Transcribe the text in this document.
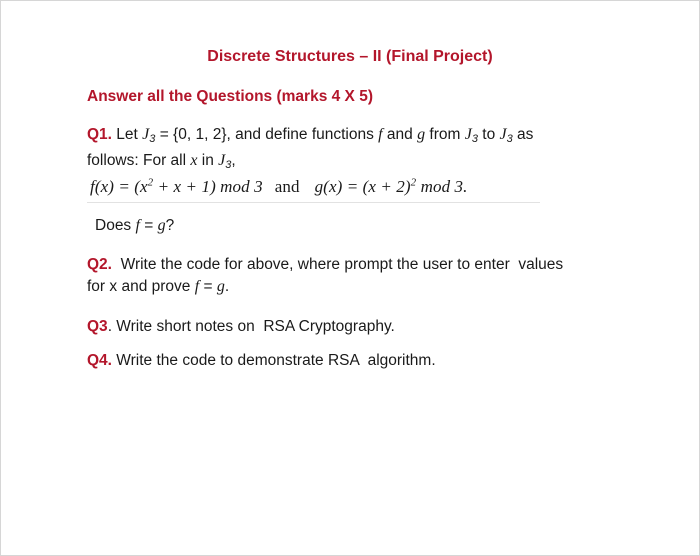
Discrete Structures – II (Final Project)
Answer all the Questions (marks 4 X 5)
Q1. Let $J_3 = \{0$, 1, 2}, and define functions f and g from $J_3$ to $J_3$ as
follows: For all x in $J_3$,
$f(x) = (x^2 + x + 1)$ mod 3 and $g(x) = (x + 2)^2$ mod 3.
Does f = g?
Q2.  Write the code for above, where prompt the user to enter  values
for x and prove f = g.
Q3. Write short notes on  RSA Cryptography.
Q4. Write the code to demonstrate RSA  algorithm.
